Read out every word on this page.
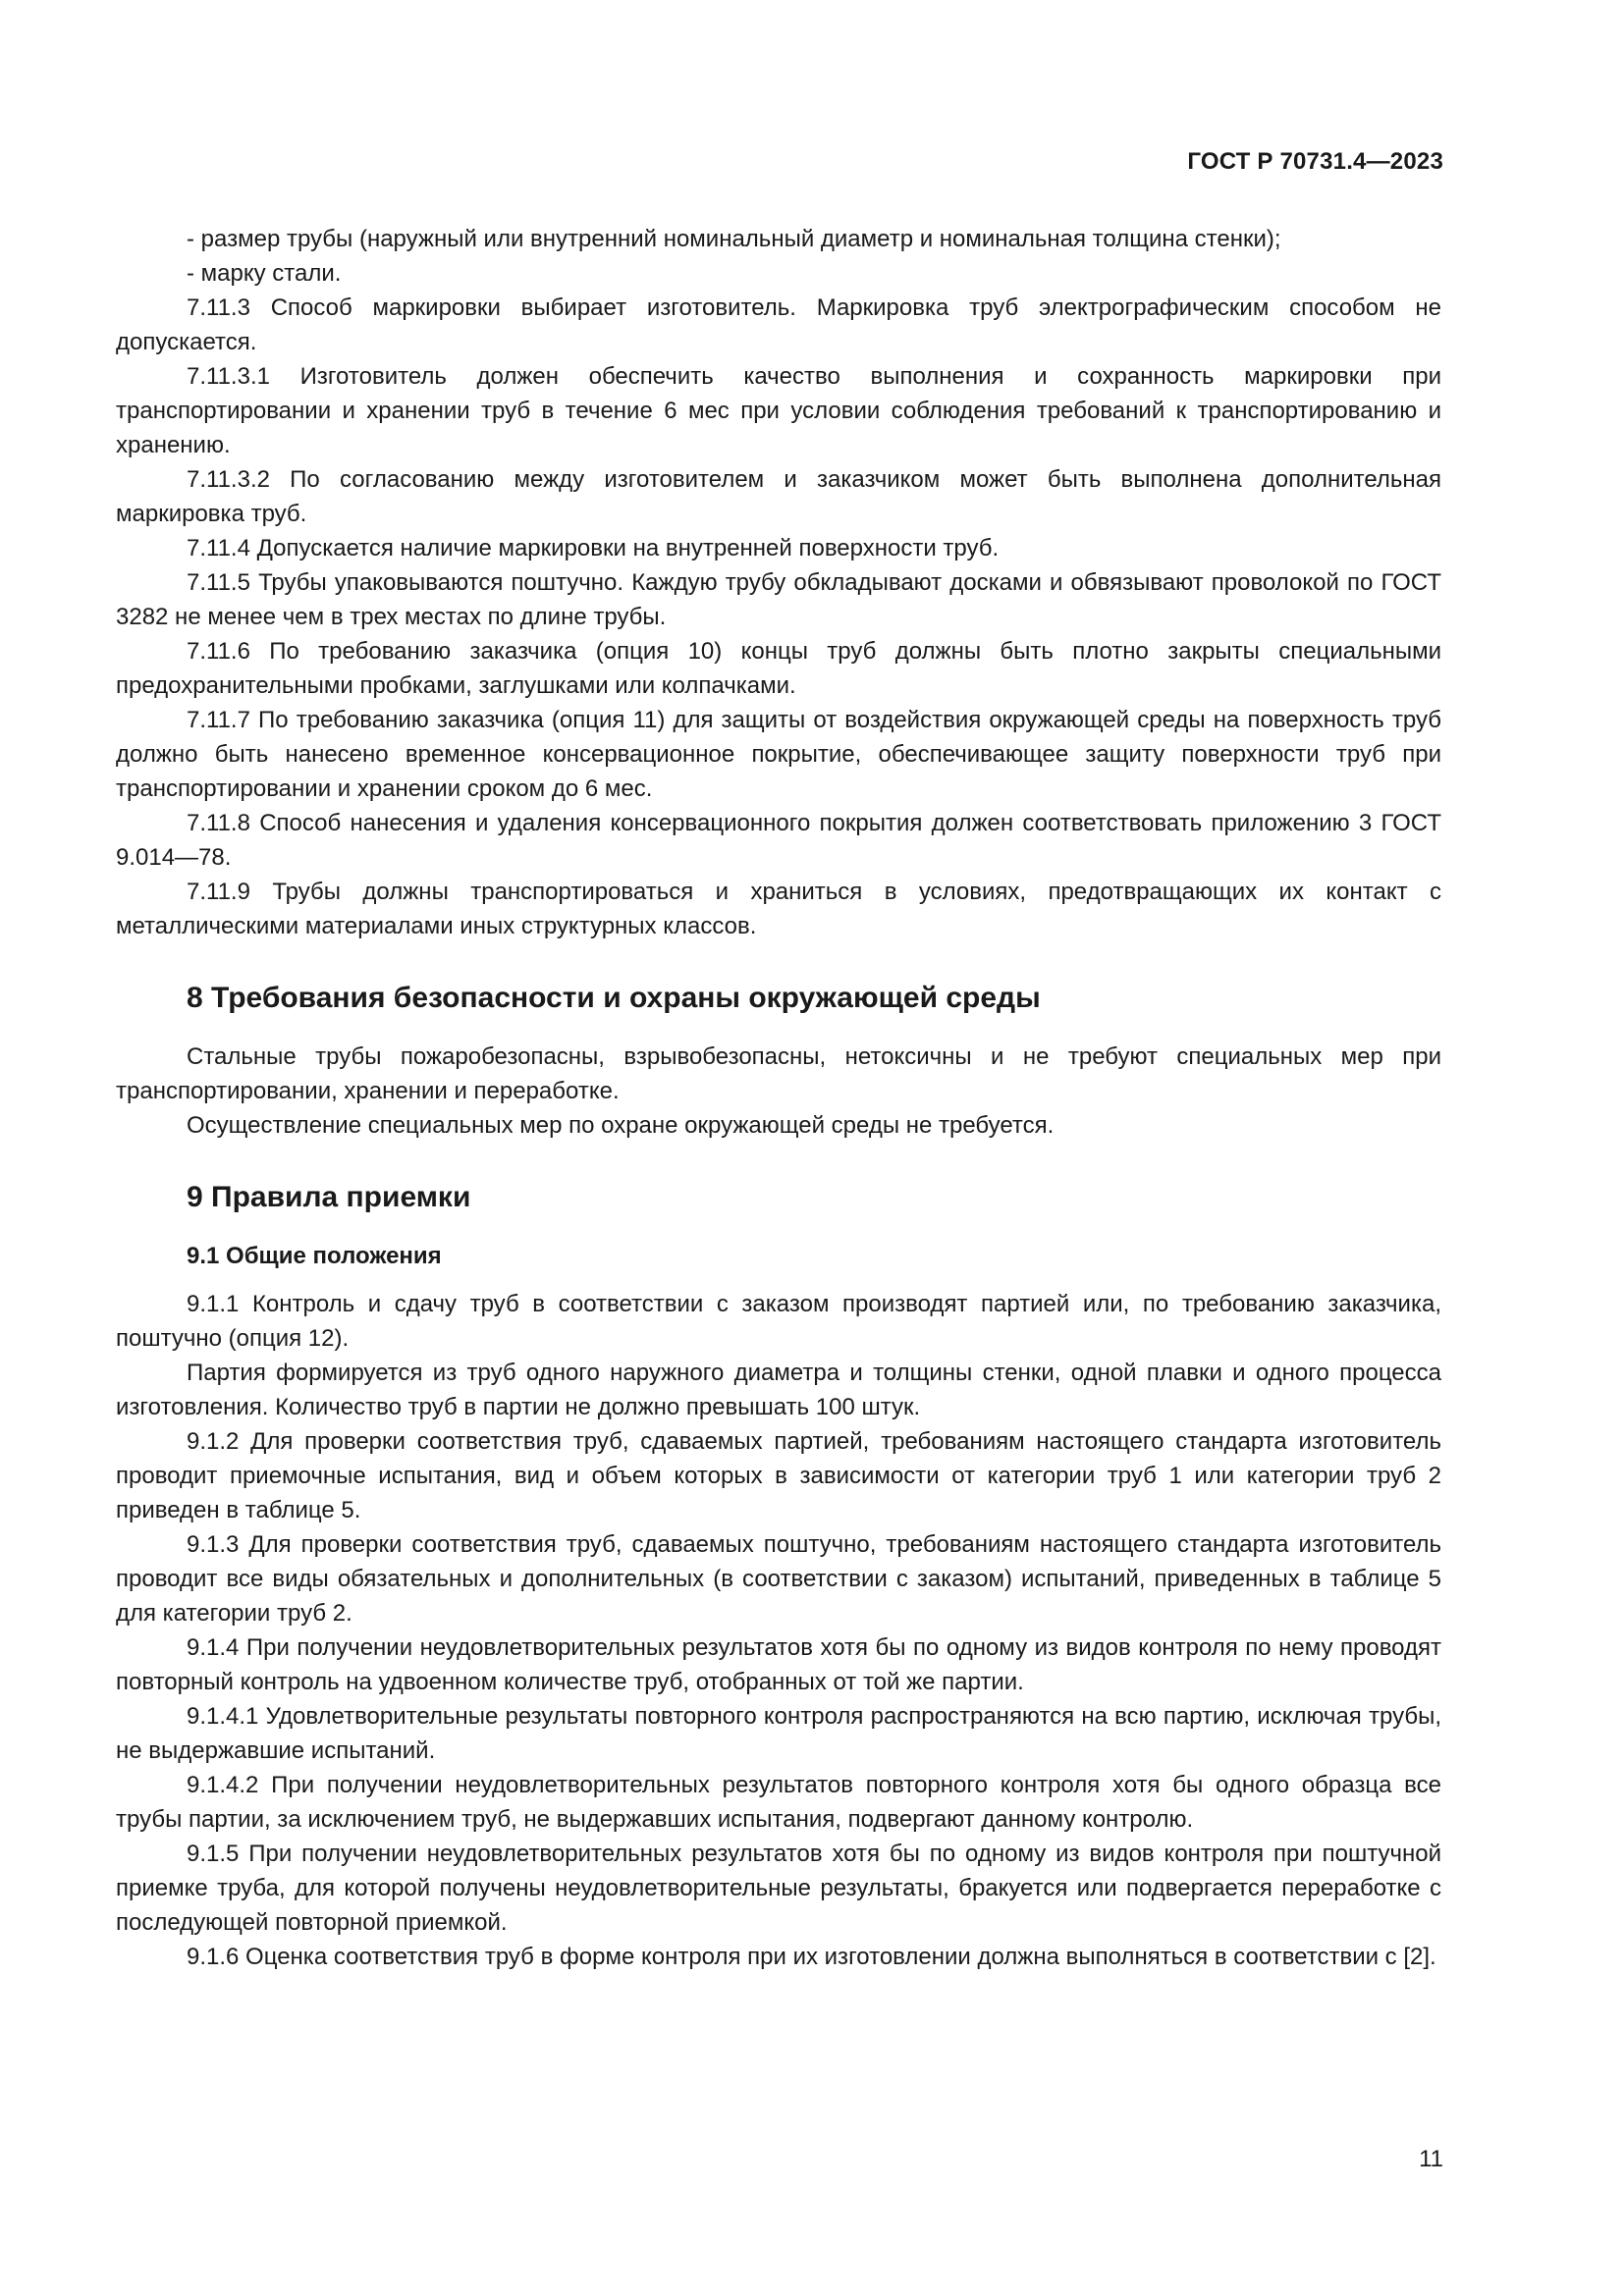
ГОСТ Р 70731.4—2023

- размер трубы (наружный или внутренний номинальный диаметр и номинальная толщина стенки);

- марку стали.

7.11.3 Способ маркировки выбирает изготовитель. Маркировка труб электрографическим способом не допускается.

7.11.3.1 Изготовитель должен обеспечить качество выполнения и сохранность маркировки при транспортировании и хранении труб в течение 6 мес при условии соблюдения требований к транспортированию и хранению.

7.11.3.2 По согласованию между изготовителем и заказчиком может быть выполнена дополнительная маркировка труб.

7.11.4 Допускается наличие маркировки на внутренней поверхности труб.

7.11.5 Трубы упаковываются поштучно. Каждую трубу обкладывают досками и обвязывают проволокой по ГОСТ 3282 не менее чем в трех местах по длине трубы.

7.11.6 По требованию заказчика (опция 10) концы труб должны быть плотно закрыты специальными предохранительными пробками, заглушками или колпачками.

7.11.7 По требованию заказчика (опция 11) для защиты от воздействия окружающей среды на поверхность труб должно быть нанесено временное консервационное покрытие, обеспечивающее защиту поверхности труб при транспортировании и хранении сроком до 6 мес.

7.11.8 Способ нанесения и удаления консервационного покрытия должен соответствовать приложению 3 ГОСТ 9.014—78.

7.11.9 Трубы должны транспортироваться и храниться в условиях, предотвращающих их контакт с металлическими материалами иных структурных классов.

8 Требования безопасности и охраны окружающей среды

Стальные трубы пожаробезопасны, взрывобезопасны, нетоксичны и не требуют специальных мер при транспортировании, хранении и переработке.

Осуществление специальных мер по охране окружающей среды не требуется.

9 Правила приемки
9.1 Общие положения

9.1.1 Контроль и сдачу труб в соответствии с заказом производят партией или, по требованию заказчика, поштучно (опция 12).

Партия формируется из труб одного наружного диаметра и толщины стенки, одной плавки и одного процесса изготовления. Количество труб в партии не должно превышать 100 штук.

9.1.2 Для проверки соответствия труб, сдаваемых партией, требованиям настоящего стандарта изготовитель проводит приемочные испытания, вид и объем которых в зависимости от категории труб 1 или категории труб 2 приведен в таблице 5.

9.1.3 Для проверки соответствия труб, сдаваемых поштучно, требованиям настоящего стандарта изготовитель проводит все виды обязательных и дополнительных (в соответствии с заказом) испытаний, приведенных в таблице 5 для категории труб 2.

9.1.4 При получении неудовлетворительных результатов хотя бы по одному из видов контроля по нему проводят повторный контроль на удвоенном количестве труб, отобранных от той же партии.

9.1.4.1 Удовлетворительные результаты повторного контроля распространяются на всю партию, исключая трубы, не выдержавшие испытаний.

9.1.4.2 При получении неудовлетворительных результатов повторного контроля хотя бы одного образца все трубы партии, за исключением труб, не выдержавших испытания, подвергают данному контролю.

9.1.5 При получении неудовлетворительных результатов хотя бы по одному из видов контроля при поштучной приемке труба, для которой получены неудовлетворительные результаты, бракуется или подвергается переработке с последующей повторной приемкой.

9.1.6 Оценка соответствия труб в форме контроля при их изготовлении должна выполняться в соответствии с [2].

11
